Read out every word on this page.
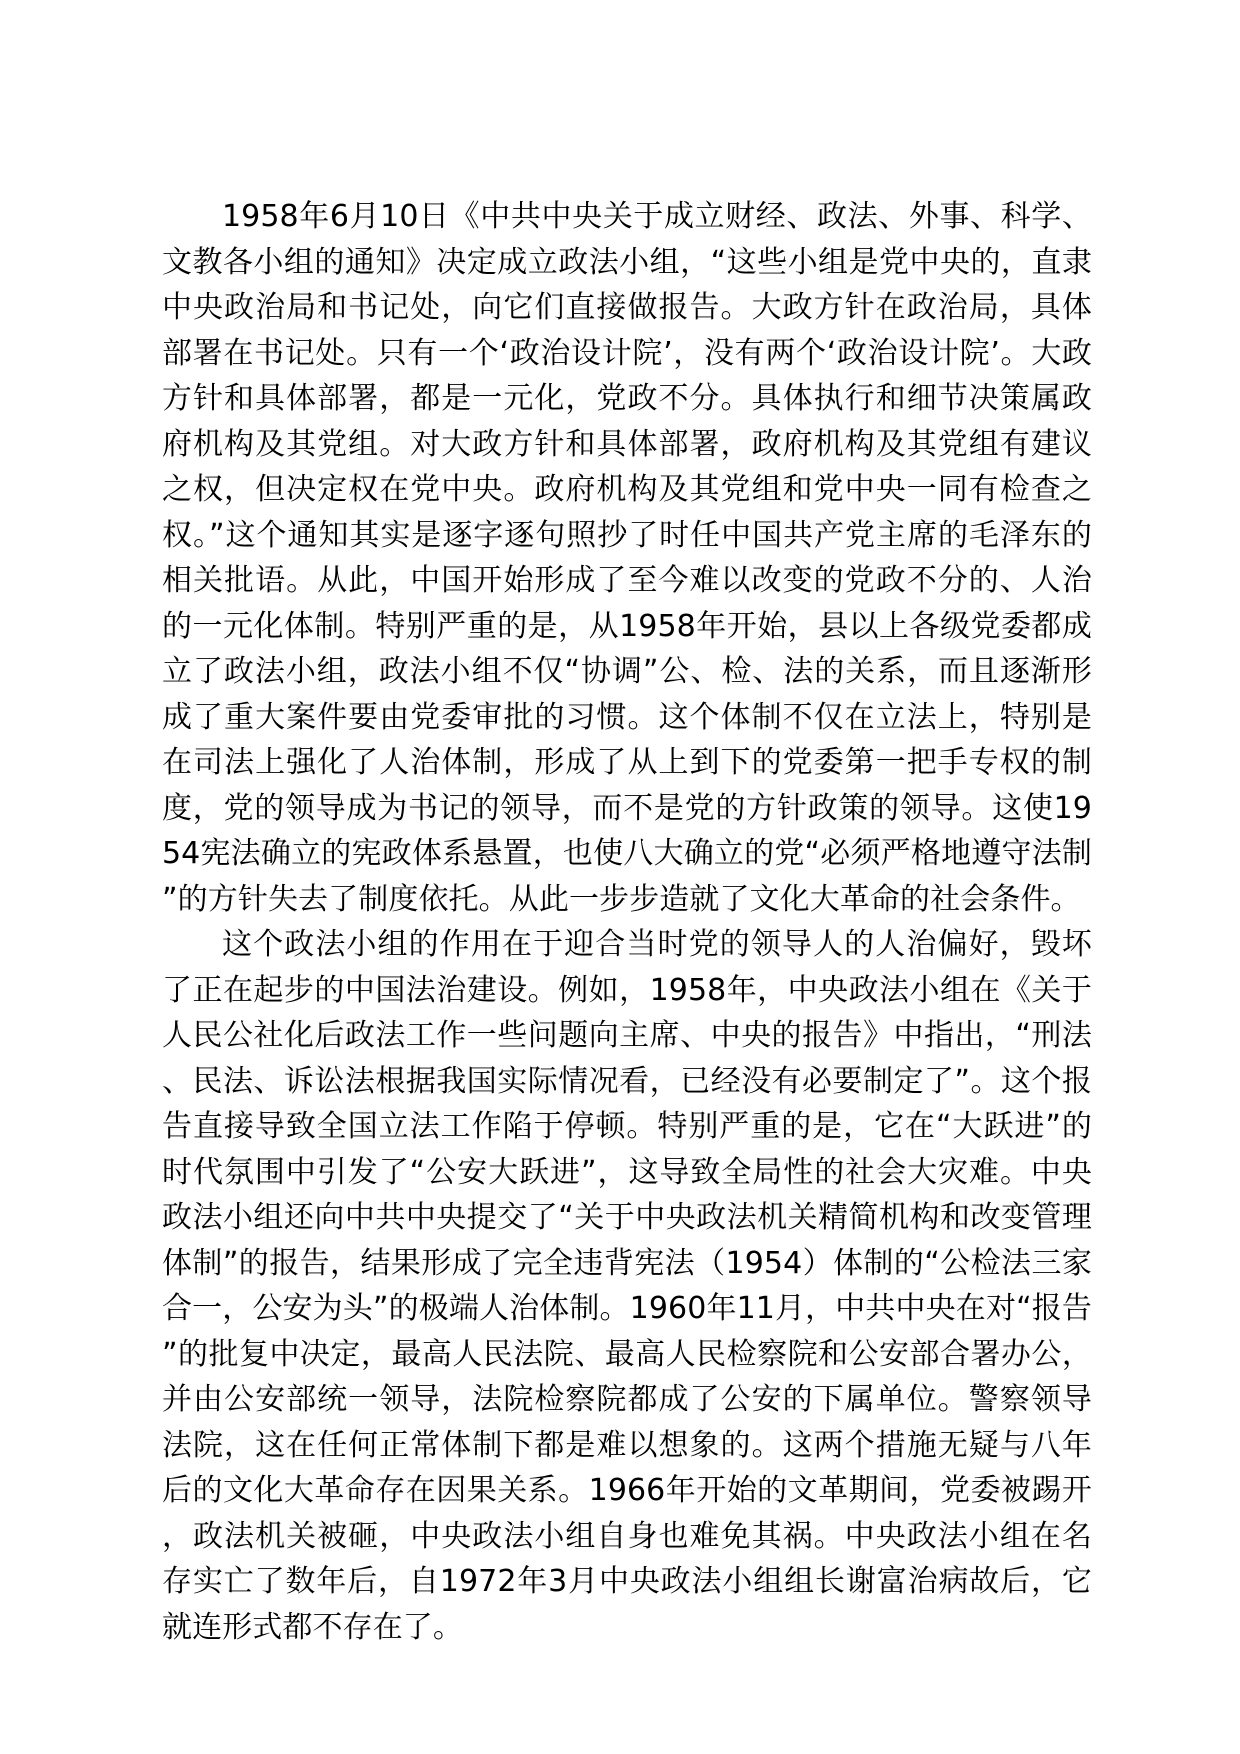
1958年6月10日《中共中央关于成立财经、政法、外事、科学、文教各小组的通知》决定成立政法小组，“这些小组是党中央的，直隶中央政治局和书记处，向它们直接做报告。大政方针在政治局，具体部署在书记处。只有一个‘政治设计院’，没有两个‘政治设计院’。大政方针和具体部署，都是一元化，党政不分。具体执行和细节决策属政府机构及其党组。对大政方针和具体部署，政府机构及其党组有建议之权，但决定权在党中央。政府机构及其党组和党中央一同有检查之权。”这个通知其实是逐字逐句照抄了时任中国共产党主席的毛泽东的相关批语。从此，中国开始形成了至今难以改变的党政不分的、人治的一元化体制。特别严重的是，从1958年开始，县以上各级党委都成立了政法小组，政法小组不仅“协调”公、检、法的关系，而且逐渐形成了重大案件要由党委审批的习惯。这个体制不仅在立法上，特别是在司法上强化了人治体制，形成了从上到下的党委第一把手专权的制度，党的领导成为书记的领导，而不是党的方针政策的领导。这使1954宪法确立的宪政体系悬置，也使八大确立的党“必须严格地遵守法制”的方针失去了制度依托。从此一步步造就了文化大革命的社会条件。

这个政法小组的作用在于迎合当时党的领导人的人治偏好，毁坏了正在起步的中国法治建设。例如，1958年，中央政法小组在《关于人民公社化后政法工作一些问题向主席、中央的报告》中指出，“刑法、民法、诉讼法根据我国实际情况看，已经没有必要制定了”。这个报告直接导致全国立法工作陷于停顿。特别严重的是，它在“大跃进”的时代氛围中引发了“公安大跃进”，这导致全局性的社会大灾难。中央政法小组还向中共中央提交了“关于中央政法机关精简机构和改变管理体制”的报告，结果形成了完全违背宪法（1954）体制的“公检法三家合一，公安为头”的极端人治体制。1960年11月，中共中央在对“报告”的批复中决定，最高人民法院、最高人民检察院和公安部合署办公，并由公安部统一领导，法院检察院都成了公安的下属单位。警察领导法院，这在任何正常体制下都是难以想象的。这两个措施无疑与八年后的文化大革命存在因果关系。1966年开始的文革期间，党委被踢开，政法机关被砸，中央政法小组自身也难免其祸。中央政法小组在名存实亡了数年后，自1972年3月中央政法小组组长谢富治病故后，它就连形式都不存在了。
